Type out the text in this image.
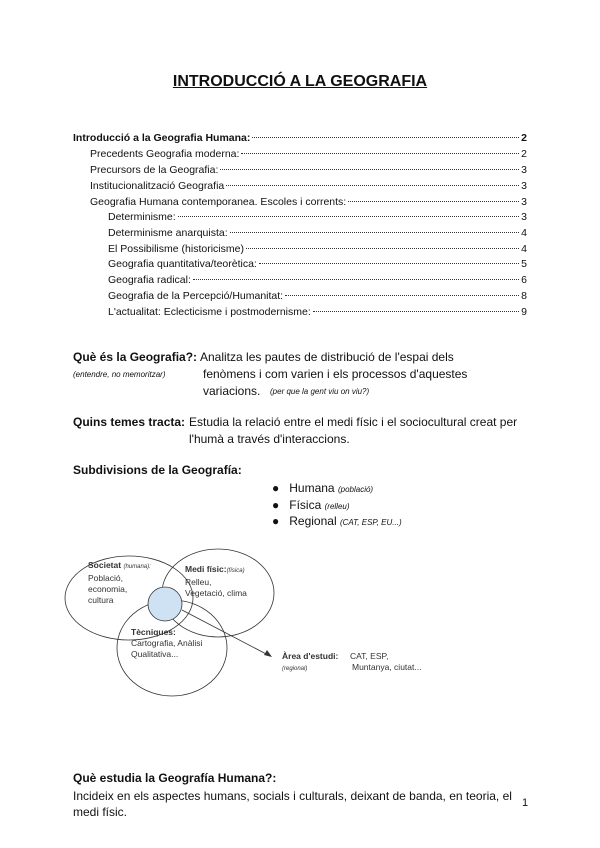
INTRODUCCIÓ A LA GEOGRAFIA
Introducció a la Geografia Humana:	2
Precedents Geografia moderna:	2
Precursors de la Geografia:	3
Institucionalització Geografia	3
Geografia Humana contemporanea. Escoles i corrents:	3
Determinisme:	3
Determinisme anarquista:	4
El Possibilisme (historicisme)	4
Geografia quantitativa/teorètica:	5
Geografia radical:	6
Geografia de la Percepció/Humanitat:	8
L'actualitat: Eclecticisme i postmodernisme:	9
Què és la Geografia?: Analitza les pautes de distribució de l'espai dels
(entendre, no memoritzar)	fenòmens i com varien i els processos d'aquestes
variacions. (per que la gent viu on viu?)
Quins temes tracta: Estudia la relació entre el medi físic i el sociocultural creat per
l'humà a través d'interaccions.
Subdivisions de la Geografía:
● Humana (població)
● Física (relleu)
● Regional (CAT, ESP, EU...)
Societat (humana):
Població,
economia,
cultura
Medi físic:(física)
Relleu,
Vegetació, clima
Tècniques:
Cartografia, Anàlisi
Qualitativa...	Àrea d'estudi:
(regional)
CAT, ESP,
Muntanya, ciutat...
Què estudia la Geografía Humana?:
Incideix en els aspectes humans, socials i culturals, deixant de banda, en teoria, el
medi físic.
1
